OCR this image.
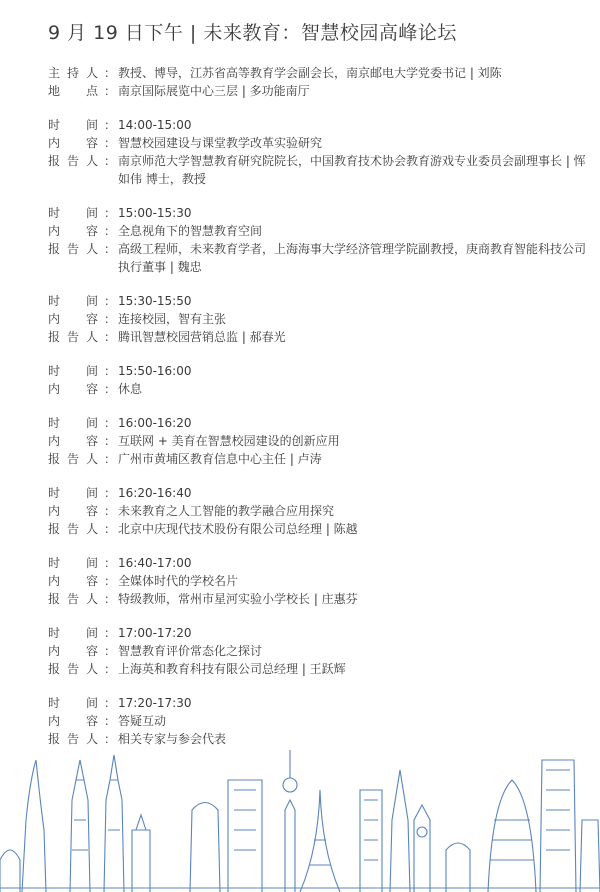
9 月 19 日下午 | 未来教育：智慧校园高峰论坛
主 持 人 ： 教授、博导，江苏省高等教育学会副会长，南京邮电大学党委书记 | 刘陈
地 点 ： 南京国际展览中心三层 | 多功能南厅
时 间 ： 14:00-15:00
内 容 ： 智慧校园建设与课堂教学改革实验研究
报 告 人 ： 南京师范大学智慧教育研究院院长，中国教育技术协会教育游戏专业委员会副理事长 | 恽如伟 博士，教授
时 间 ： 15:00-15:30
内 容 ： 全息视角下的智慧教育空间
报 告 人 ： 高级工程师，未来教育学者，上海海事大学经济管理学院副教授，庚商教育智能科技公司执行董事 | 魏忠
时 间 ： 15:30-15:50
内 容 ： 连接校园，智有主张
报 告 人 ： 腾讯智慧校园营销总监 | 郝春光
时 间 ： 15:50-16:00
内 容 ： 休息
时 间 ： 16:00-16:20
内 容 ： 互联网 + 美育在智慧校园建设的创新应用
报 告 人 ： 广州市黄埔区教育信息中心主任 | 卢涛
时 间 ： 16:20-16:40
内 容 ： 未来教育之人工智能的教学融合应用探究
报 告 人 ： 北京中庆现代技术股份有限公司总经理 | 陈越
时 间 ： 16:40-17:00
内 容 ： 全媒体时代的学校名片
报 告 人 ： 特级教师，常州市星河实验小学校长 | 庄惠芬
时 间 ： 17:00-17:20
内 容 ： 智慧教育评价常态化之探讨
报 告 人 ： 上海英和教育科技有限公司总经理 | 王跃辉
时 间 ： 17:20-17:30
内 容 ： 答疑互动
报 告 人 ： 相关专家与参会代表
